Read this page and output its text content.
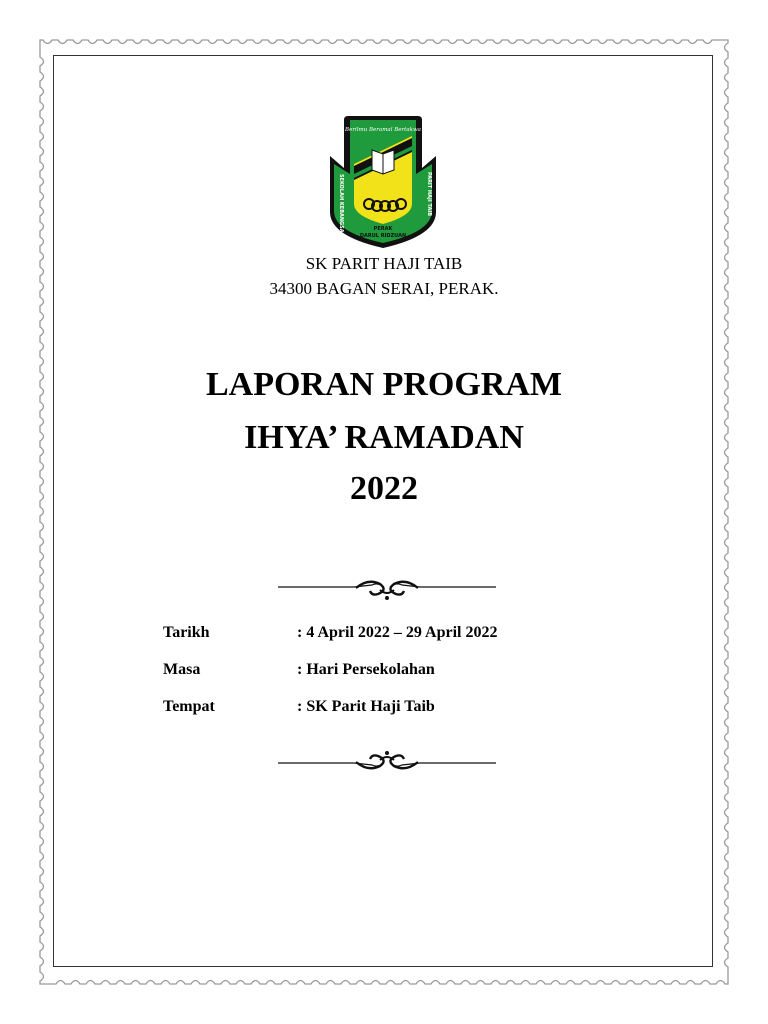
Berilmu Beramal Bertakwa
SEKOLAH KEBANGSAAN	PARIT HAJI TAIB
PERAK
DARUL RIDZUAN
SK PARIT HAJI TAIB
34300 BAGAN SERAI, PERAK.
LAPORAN PROGRAM
IHYA’ RAMADAN
2022
Tarikh	: 4 April 2022 – 29 April 2022
Masa	: Hari Persekolahan
Tempat	: SK Parit Haji Taib
